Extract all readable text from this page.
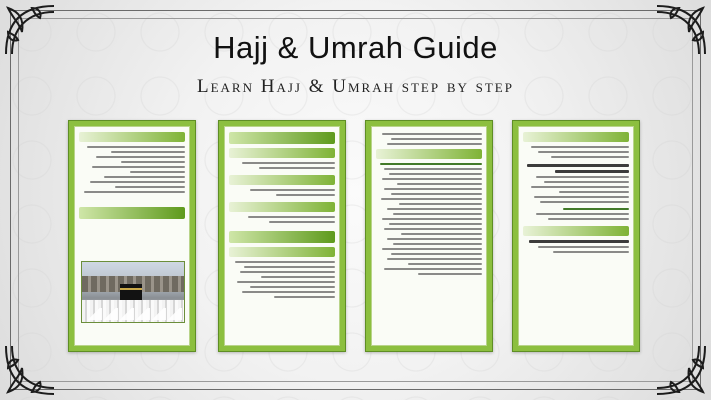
Hajj & Umrah Guide
Learn Hajj & Umrah step by step
